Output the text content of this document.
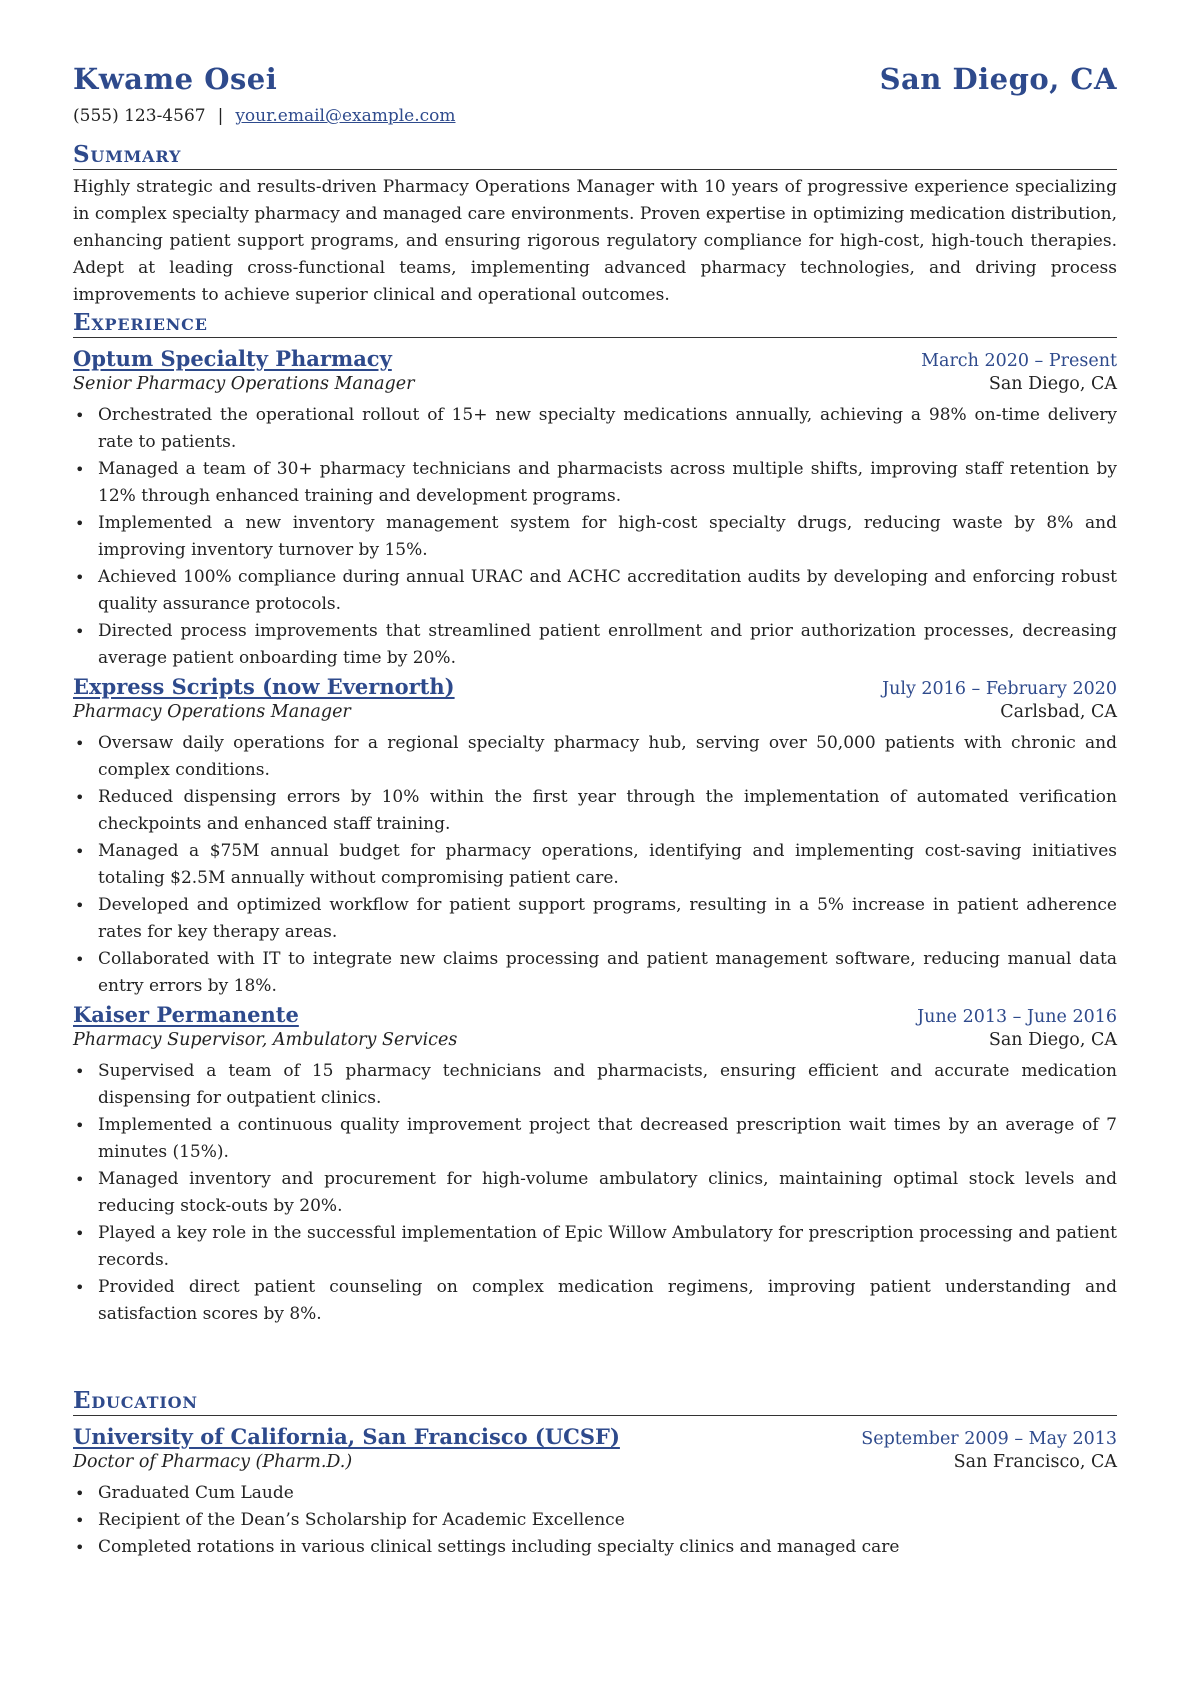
Kwame Osei	San Diego, CA
(555) 123-4567 | your.email@example.com
Summary
Highly strategic and results-driven Pharmacy Operations Manager with 10 years of progressive experience specializing in complex specialty pharmacy and managed care environments. Proven expertise in optimizing medication distribution, enhancing patient support programs, and ensuring rigorous regulatory compliance for high-cost, high-touch therapies. Adept at leading cross-functional teams, implementing advanced pharmacy technologies, and driving process improvements to achieve superior clinical and operational outcomes.
Experience
Optum Specialty Pharmacy	March 2020 – Present
Senior Pharmacy Operations Manager	San Diego, CA
• Orchestrated the operational rollout of 15+ new specialty medications annually, achieving a 98% on-time delivery rate to patients.
• Managed a team of 30+ pharmacy technicians and pharmacists across multiple shifts, improving staff retention by 12% through enhanced training and development programs.
• Implemented a new inventory management system for high-cost specialty drugs, reducing waste by 8% and improving inventory turnover by 15%.
• Achieved 100% compliance during annual URAC and ACHC accreditation audits by developing and enforcing robust quality assurance protocols.
• Directed process improvements that streamlined patient enrollment and prior authorization processes, decreasing average patient onboarding time by 20%.
Express Scripts (now Evernorth)	July 2016 – February 2020
Pharmacy Operations Manager	Carlsbad, CA
• Oversaw daily operations for a regional specialty pharmacy hub, serving over 50,000 patients with chronic and complex conditions.
• Reduced dispensing errors by 10% within the first year through the implementation of automated verification checkpoints and enhanced staff training.
• Managed a $75M annual budget for pharmacy operations, identifying and implementing cost-saving initiatives totaling $2.5M annually without compromising patient care.
• Developed and optimized workflow for patient support programs, resulting in a 5% increase in patient adherence rates for key therapy areas.
• Collaborated with IT to integrate new claims processing and patient management software, reducing manual data entry errors by 18%.
Kaiser Permanente	June 2013 – June 2016
Pharmacy Supervisor, Ambulatory Services	San Diego, CA
• Supervised a team of 15 pharmacy technicians and pharmacists, ensuring efficient and accurate medication dispensing for outpatient clinics.
• Implemented a continuous quality improvement project that decreased prescription wait times by an average of 7 minutes (15%).
• Managed inventory and procurement for high-volume ambulatory clinics, maintaining optimal stock levels and reducing stock-outs by 20%.
• Played a key role in the successful implementation of Epic Willow Ambulatory for prescription processing and patient records.
• Provided direct patient counseling on complex medication regimens, improving patient understanding and satisfaction scores by 8%.
Education
University of California, San Francisco (UCSF)	September 2009 – May 2013
Doctor of Pharmacy (Pharm.D.)	San Francisco, CA
• Graduated Cum Laude
• Recipient of the Dean’s Scholarship for Academic Excellence
• Completed rotations in various clinical settings including specialty clinics and managed care
